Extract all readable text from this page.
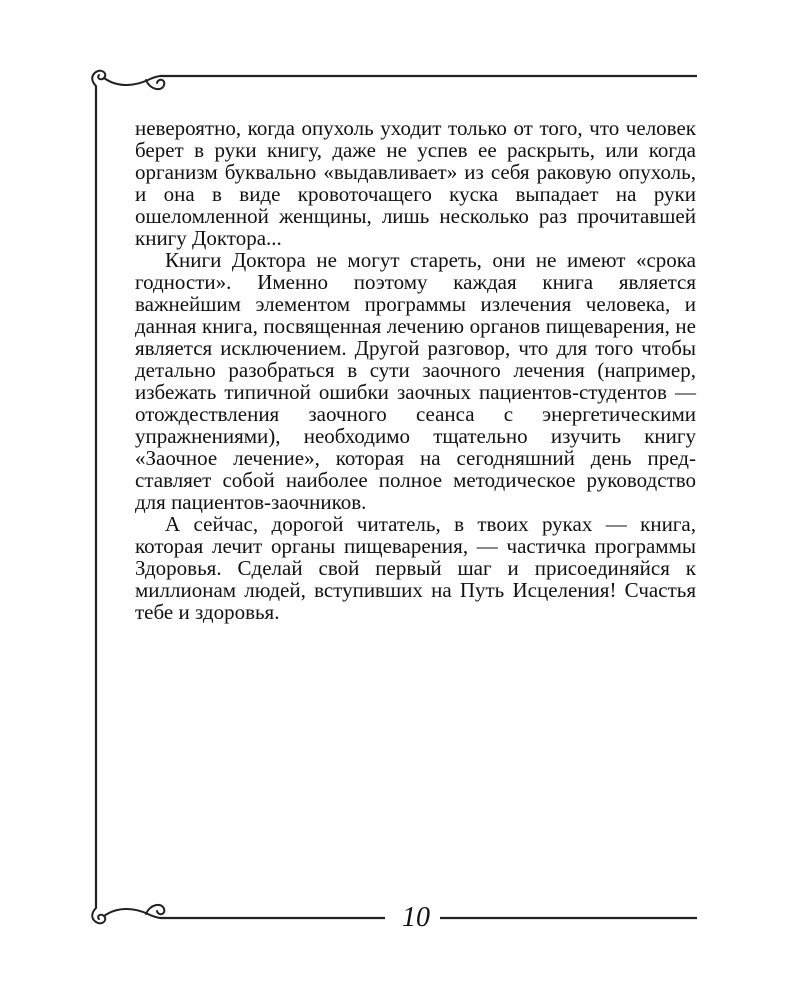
невероятно, когда опухоль уходит только от того, что человек берет в руки книгу, даже не успев ее раскрыть, или когда организм буквально «выдавливает» из себя раковую опухоль, и она в виде кровоточащего куска выпадает на руки ошеломленной женщины, лишь несколько раз прочитавшей книгу Доктора...

Книги Доктора не могут стареть, они не имеют «срока годности». Именно поэтому каждая книга является важнейшим элементом программы излечения человека, и данная книга, посвященная лечению органов пищеварения, не является исключением. Другой разговор, что для того чтобы детально разобраться в сути заочного лечения (например, избежать типичной ошибки заочных пациентов-студентов — отождествления заочного сеанса с энергетическими упражнениями), необходимо тщательно изучить книгу «Заочное лечение», которая на сегодняшний день представляет собой наиболее полное методическое руководство для пациентов-заочников.

А сейчас, дорогой читатель, в твоих руках — книга, которая лечит органы пищеварения, — частичка программы Здоровья. Сделай свой первый шаг и присоединяйся к миллионам людей, вступивших на Путь Исцеления! Счастья тебе и здоровья.

10
